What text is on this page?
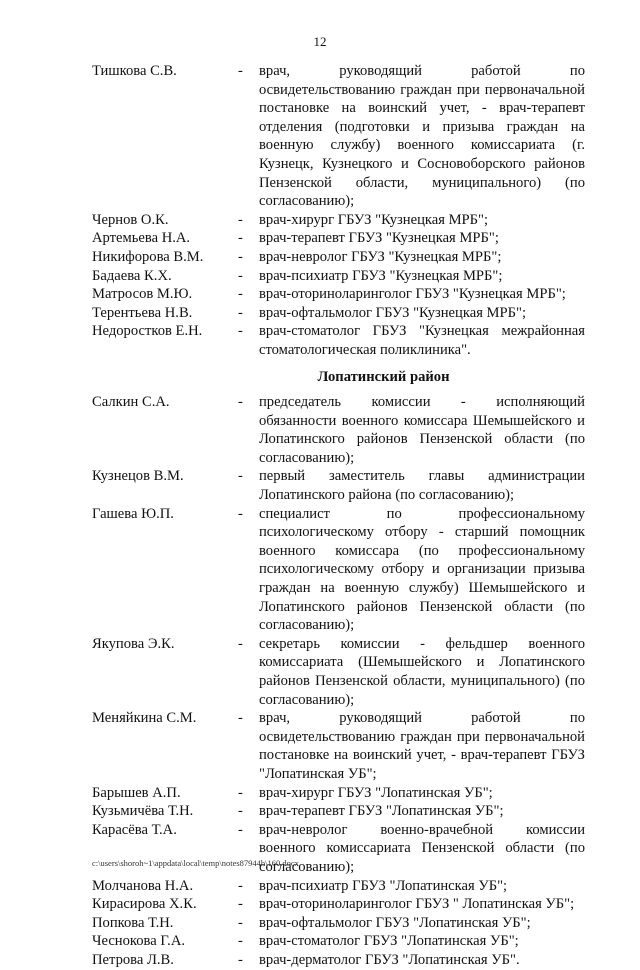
12
Тишкова С.В.	-	врач, руководящий работой по освидетельствованию граждан при первоначальной постановке на воинский учет, - врач-терапевт отделения (подготовки и призыва граждан на военную службу) военного комиссариата (г. Кузнецк, Кузнецкого и Сосновоборского районов Пензенской области, муниципального) (по согласованию);
Чернов О.К.	-	врач-хирург ГБУЗ "Кузнецкая МРБ";
Артемьева Н.А.	-	врач-терапевт ГБУЗ "Кузнецкая МРБ";
Никифорова В.М.	-	врач-невролог ГБУЗ "Кузнецкая МРБ";
Бадаева К.Х.	-	врач-психиатр ГБУЗ "Кузнецкая МРБ";
Матросов М.Ю.	-	врач-оториноларинголог ГБУЗ "Кузнецкая МРБ";
Терентьева Н.В.	-	врач-офтальмолог ГБУЗ "Кузнецкая МРБ";
Недоростков Е.Н.	-	врач-стоматолог ГБУЗ "Кузнецкая межрайонная стоматологическая поликлиника".
Лопатинский район
Салкин С.А.	-	председатель комиссии - исполняющий обязанности военного комиссара Шемышейского и Лопатинского районов Пензенской области (по согласованию);
Кузнецов В.М.	-	первый заместитель главы администрации Лопатинского района (по согласованию);
Гашева Ю.П.	-	специалист по профессиональному психологическому отбору - старший помощник военного комиссара (по профессиональному психологическому отбору и организации призыва граждан на военную службу) Шемышейского и Лопатинского районов Пензенской области (по согласованию);
Якупова Э.К.	-	секретарь комиссии - фельдшер военного комиссариата (Шемышейского и Лопатинского районов Пензенской области, муниципального) (по согласованию);
Меняйкина С.М.	-	врач, руководящий работой по освидетельствованию граждан при первоначальной постановке на воинский учет, - врач-терапевт ГБУЗ "Лопатинская УБ";
Барышев А.П.	-	врач-хирург ГБУЗ "Лопатинская УБ";
Кузьмичёва Т.Н.	-	врач-терапевт ГБУЗ "Лопатинская УБ";
Карасёва Т.А.	-	врач-невролог военно-врачебной комиссии военного комиссариата Пензенской области (по согласованию);
Молчанова Н.А.	-	врач-психиатр ГБУЗ "Лопатинская УБ";
Кирасирова Х.К.	-	врач-оториноларинголог ГБУЗ " Лопатинская УБ";
Попкова Т.Н.	-	врач-офтальмолог ГБУЗ "Лопатинская УБ";
Чеснокова Г.А.	-	врач-стоматолог ГБУЗ "Лопатинская УБ";
Петрова Л.В.	-	врач-дерматолог ГБУЗ "Лопатинская УБ".
c:\users\shoroh~1\appdata\local\temp\notes87944b\160.docx
